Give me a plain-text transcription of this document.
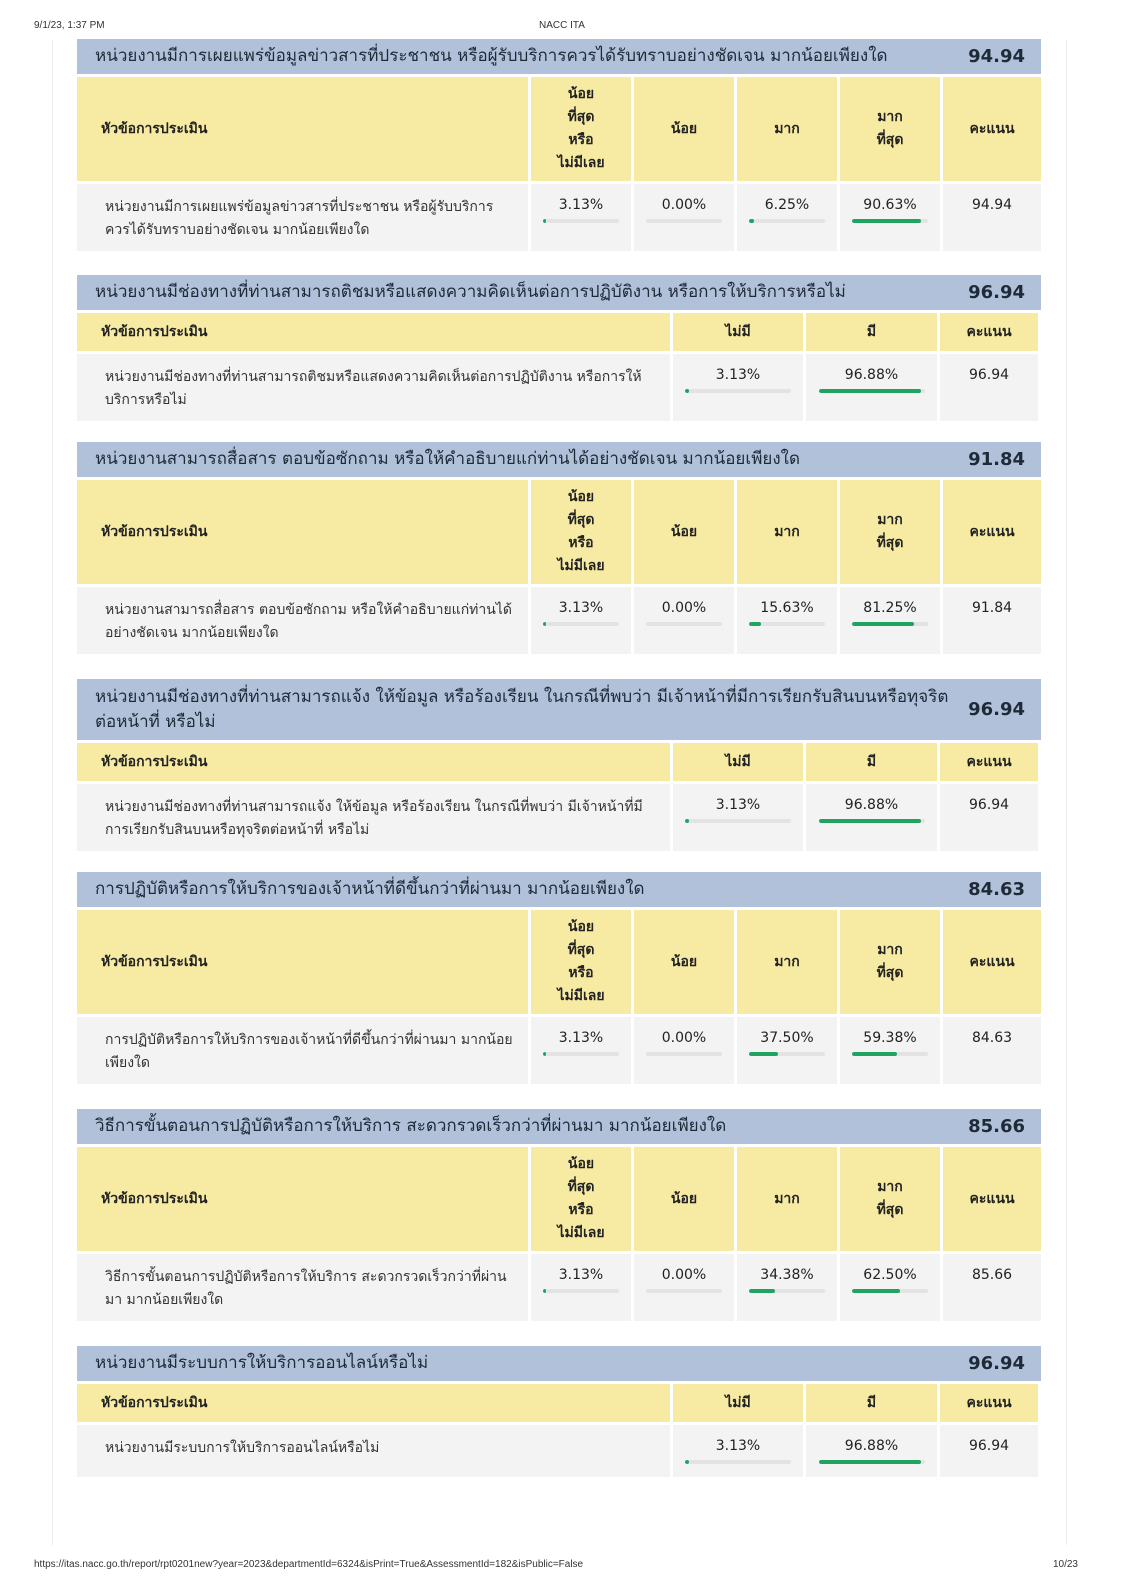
9/1/23, 1:37 PM	NACC ITA
หน่วยงานมีการเผยแพร่ข้อมูลข่าวสารที่ประชาชน หรือผู้รับบริการควรได้รับทราบอย่างชัดเจน มากน้อยเพียงใด	94.94
หัวข้อการประเมิน	น้อย ที่สุด หรือ ไม่มีเลย	น้อย	มาก	มาก ที่สุด	คะแนน
หน่วยงานมีการเผยแพร่ข้อมูลข่าวสารที่ประชาชน หรือผู้รับบริการควรได้รับทราบอย่างชัดเจน มากน้อยเพียงใด	3.13%	0.00%	6.25%	90.63%	94.94
หน่วยงานมีช่องทางที่ท่านสามารถติชมหรือแสดงความคิดเห็นต่อการปฏิบัติงาน หรือการให้บริการหรือไม่	96.94
หัวข้อการประเมิน	ไม่มี	มี	คะแนน
หน่วยงานมีช่องทางที่ท่านสามารถติชมหรือแสดงความคิดเห็นต่อการปฏิบัติงาน หรือการให้บริการหรือไม่	3.13%	96.88%	96.94
หน่วยงานสามารถสื่อสาร ตอบข้อซักถาม หรือให้คำอธิบายแก่ท่านได้อย่างชัดเจน มากน้อยเพียงใด	91.84
หัวข้อการประเมิน	น้อย ที่สุด หรือ ไม่มีเลย	น้อย	มาก	มาก ที่สุด	คะแนน
หน่วยงานสามารถสื่อสาร ตอบข้อซักถาม หรือให้คำอธิบายแก่ท่านได้อย่างชัดเจน มากน้อยเพียงใด	3.13%	0.00%	15.63%	81.25%	91.84
หน่วยงานมีช่องทางที่ท่านสามารถแจ้ง ให้ข้อมูล หรือร้องเรียน ในกรณีที่พบว่า มีเจ้าหน้าที่มีการเรียกรับสินบนหรือทุจริตต่อหน้าที่ หรือไม่
96.94
หัวข้อการประเมิน	ไม่มี	มี	คะแนน
หน่วยงานมีช่องทางที่ท่านสามารถแจ้ง ให้ข้อมูล หรือร้องเรียน ในกรณีที่พบว่า มีเจ้าหน้าที่มีการเรียกรับสินบนหรือทุจริตต่อหน้าที่ หรือไม่	3.13%	96.88%	96.94
การปฏิบัติหรือการให้บริการของเจ้าหน้าที่ดีขึ้นกว่าที่ผ่านมา มากน้อยเพียงใด	84.63
หัวข้อการประเมิน	น้อย ที่สุด หรือ ไม่มีเลย	น้อย	มาก	มาก ที่สุด	คะแนน
การปฏิบัติหรือการให้บริการของเจ้าหน้าที่ดีขึ้นกว่าที่ผ่านมา มากน้อยเพียงใด	3.13%	0.00%	37.50%	59.38%	84.63
วิธีการขั้นตอนการปฏิบัติหรือการให้บริการ สะดวกรวดเร็วกว่าที่ผ่านมา มากน้อยเพียงใด	85.66
หัวข้อการประเมิน	น้อย ที่สุด หรือ ไม่มีเลย	น้อย	มาก	มาก ที่สุด	คะแนน
วิธีการขั้นตอนการปฏิบัติหรือการให้บริการ สะดวกรวดเร็วกว่าที่ผ่านมา มากน้อยเพียงใด	3.13%	0.00%	34.38%	62.50%	85.66
หน่วยงานมีระบบการให้บริการออนไลน์หรือไม่	96.94
หัวข้อการประเมิน	ไม่มี	มี	คะแนน
หน่วยงานมีระบบการให้บริการออนไลน์หรือไม่	3.13%	96.88%	96.94
https://itas.nacc.go.th/report/rpt0201new?year=2023&departmentId=6324&isPrint=True&AssessmentId=182&isPublic=False	10/23
